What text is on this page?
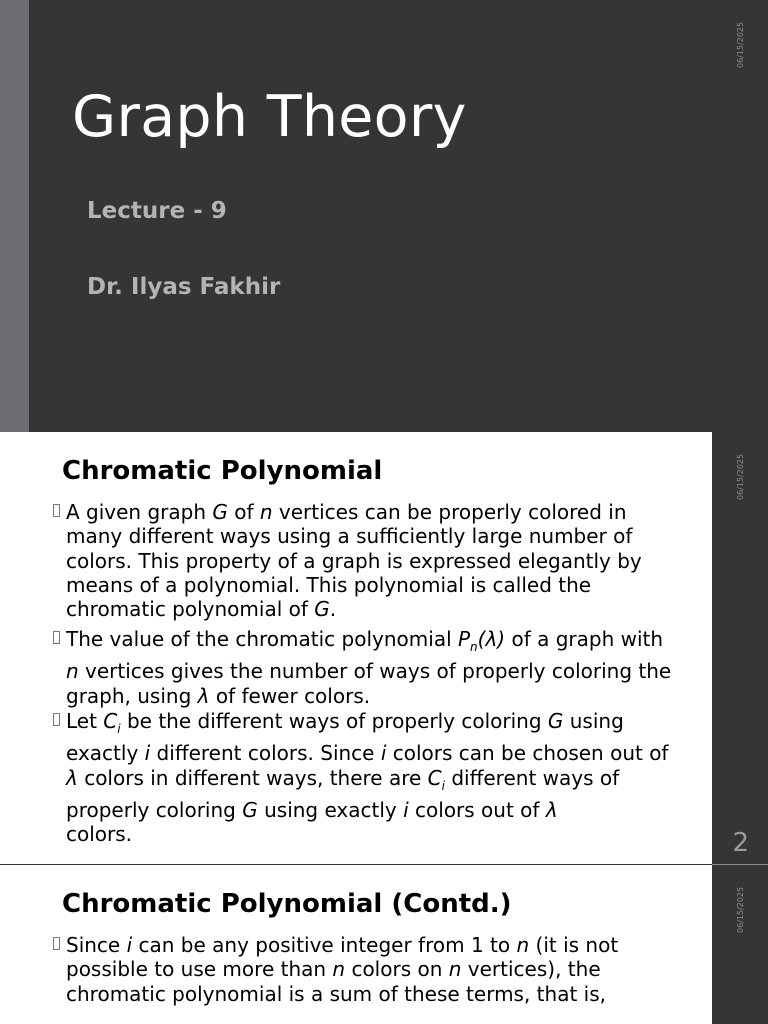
06/15/2025
Graph Theory

Lecture - 9

Dr. Ilyas Fakhir

Chromatic Polynomial
A given graph G of n vertices can be properly colored in many different ways using a sufficiently large number of colors. This property of a graph is expressed elegantly by means of a polynomial. This polynomial is called the chromatic polynomial of G.
The value of the chromatic polynomial $P_n(\lambda)$ of a graph with n vertices gives the number of ways of properly coloring the graph, using λ of fewer colors.
Let $C_i$ be the different ways of properly coloring G using exactly i different colors. Since i colors can be chosen out of λ colors in different ways, there are $C_i$ different ways of properly coloring G using exactly i colors out of λ
colors.
06/15/2025
2
Chromatic Polynomial (Contd.)
Since i can be any positive integer from 1 to n (it is not possible to use more than n colors on n vertices), the chromatic polynomial is a sum of these terms, that is,
06/15/2025
